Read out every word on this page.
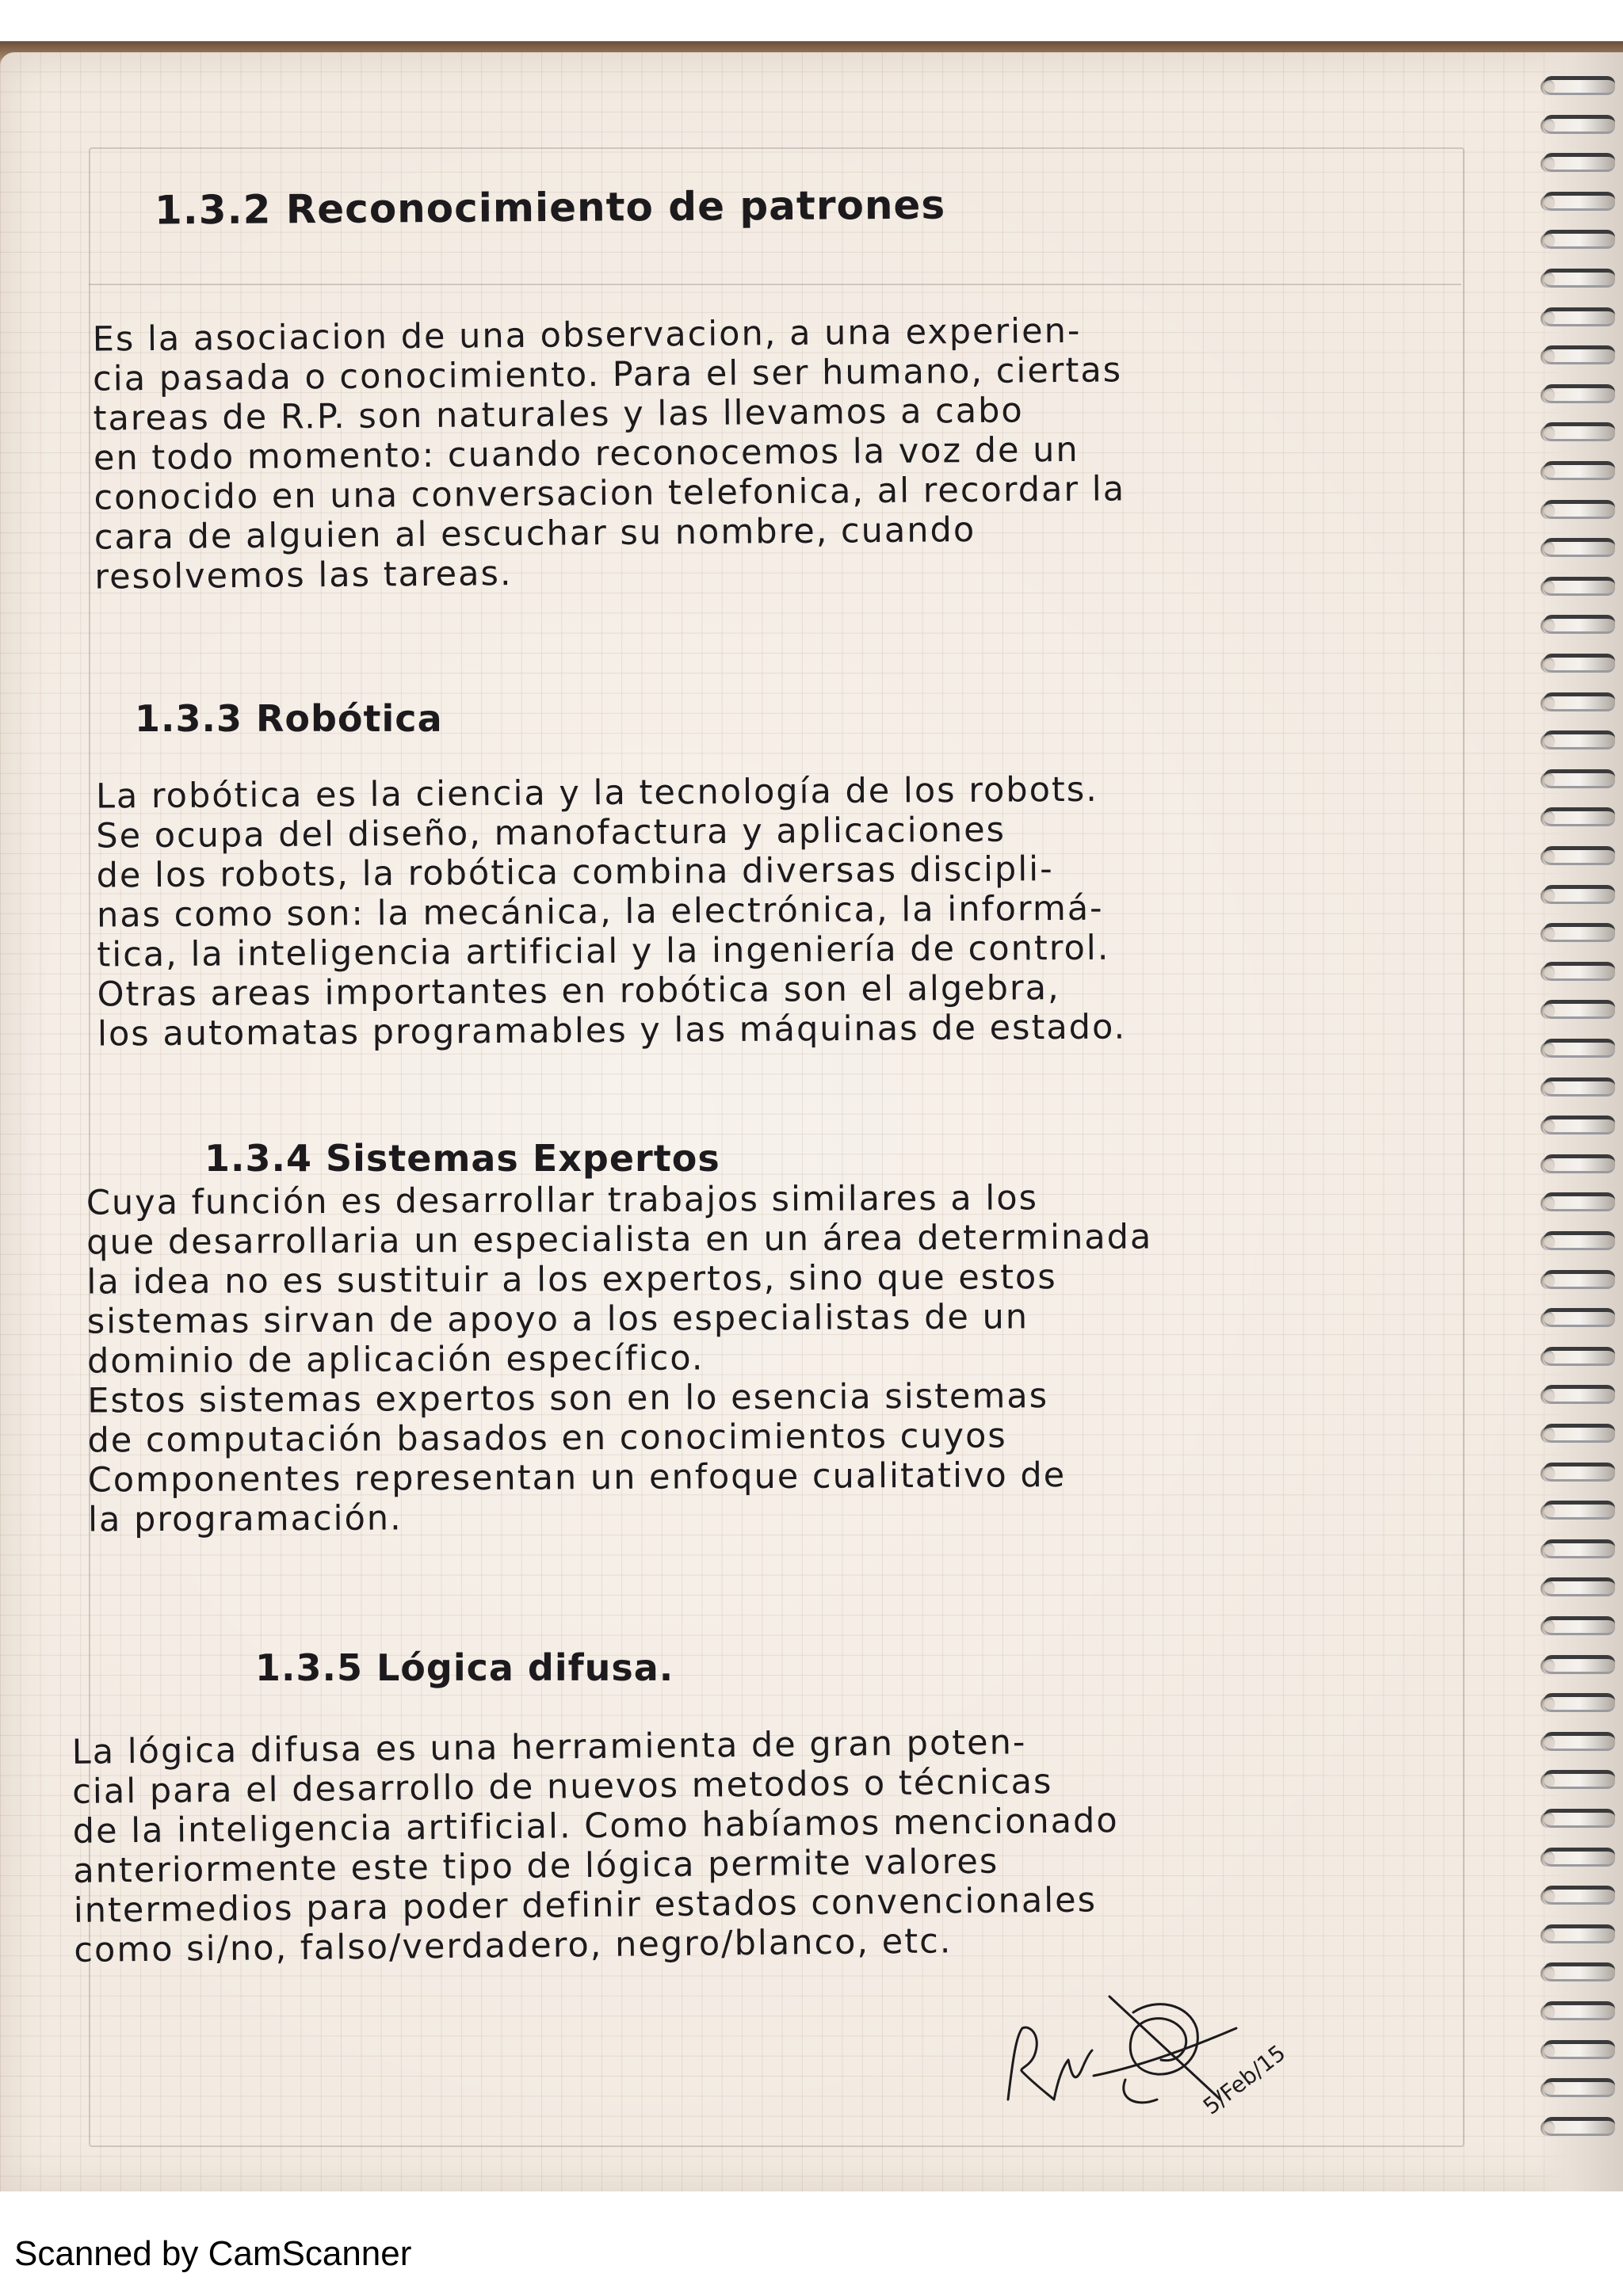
1.3.2 Reconocimiento de patrones
Es la asociacion de una observacion, a una experien-
cia pasada o conocimiento. Para el ser humano, ciertas
tareas de R.P. son naturales y las llevamos a cabo
en todo momento: cuando reconocemos la voz de un
conocido en una conversacion telefonica, al recordar la
cara de alguien al escuchar su nombre, cuando
resolvemos las tareas.
1.3.3 Robótica
La robótica es la ciencia y la tecnología de los robots.
Se ocupa del diseño, manofactura y aplicaciones
de los robots, la robótica combina diversas discipli-
nas como son: la mecánica, la electrónica, la informá-
tica, la inteligencia artificial y la ingeniería de control.
Otras areas importantes en robótica son el algebra,
los automatas programables y las máquinas de estado.
1.3.4 Sistemas Expertos
Cuya función es desarrollar trabajos similares a los
que desarrollaria un especialista en un área determinada
la idea no es sustituir a los expertos, sino que estos
sistemas sirvan de apoyo a los especialistas de un
dominio de aplicación específico.
Estos sistemas expertos son en lo esencia sistemas
de computación basados en conocimientos cuyos
Componentes representan un enfoque cualitativo de
la programación.
1.3.5 Lógica difusa.
La lógica difusa es una herramienta de gran poten-
cial para el desarrollo de nuevos metodos o técnicas
de la inteligencia artificial. Como habíamos mencionado
anteriormente este tipo de lógica permite valores
intermedios para poder definir estados convencionales
como si/no, falso/verdadero, negro/blanco, etc.
5/Feb/15

Scanned by CamScanner
